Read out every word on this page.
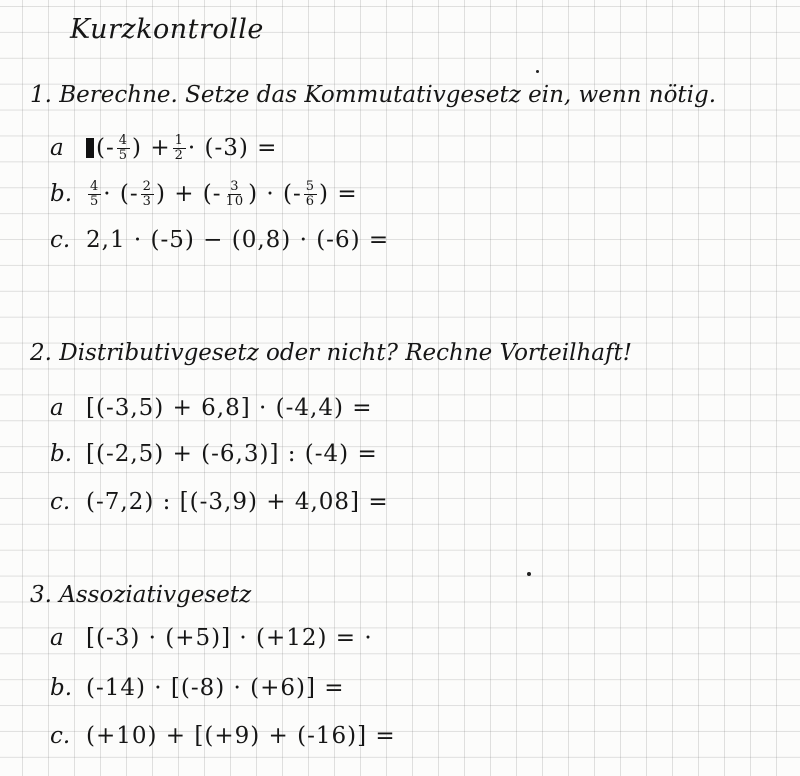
Kurzkontrolle
1. Berechne. Setze das Kommutativgesetz ein, wenn nötig.
a	(- $\frac{4}{5}$ ) + $\frac{1}{2} \cdot (-3)$ =
b.	$\frac{4}{5}$ · (- $\frac{2}{3}$ ) + (- $\frac{3}{10}$ ) · (- $\frac{5}{6}$ ) =
c. 2,1 · (-5) − (0,8) · (-6) =
2. Distributivgesetz oder nicht? Rechne Vorteilhaft!
a [(-3,5) + 6,8] · (-4,4) =
b. [(-2,5) + (-6,3)] : (-4) =
c. (-7,2) : [(-3,9) + 4,08] =
3. Assoziativgesetz
a [(-3) · (+5)] · (+12) = ·
b. (-14) · [(-8) · (+6)] =
c. (+10) + [(+9) + (-16)] =
